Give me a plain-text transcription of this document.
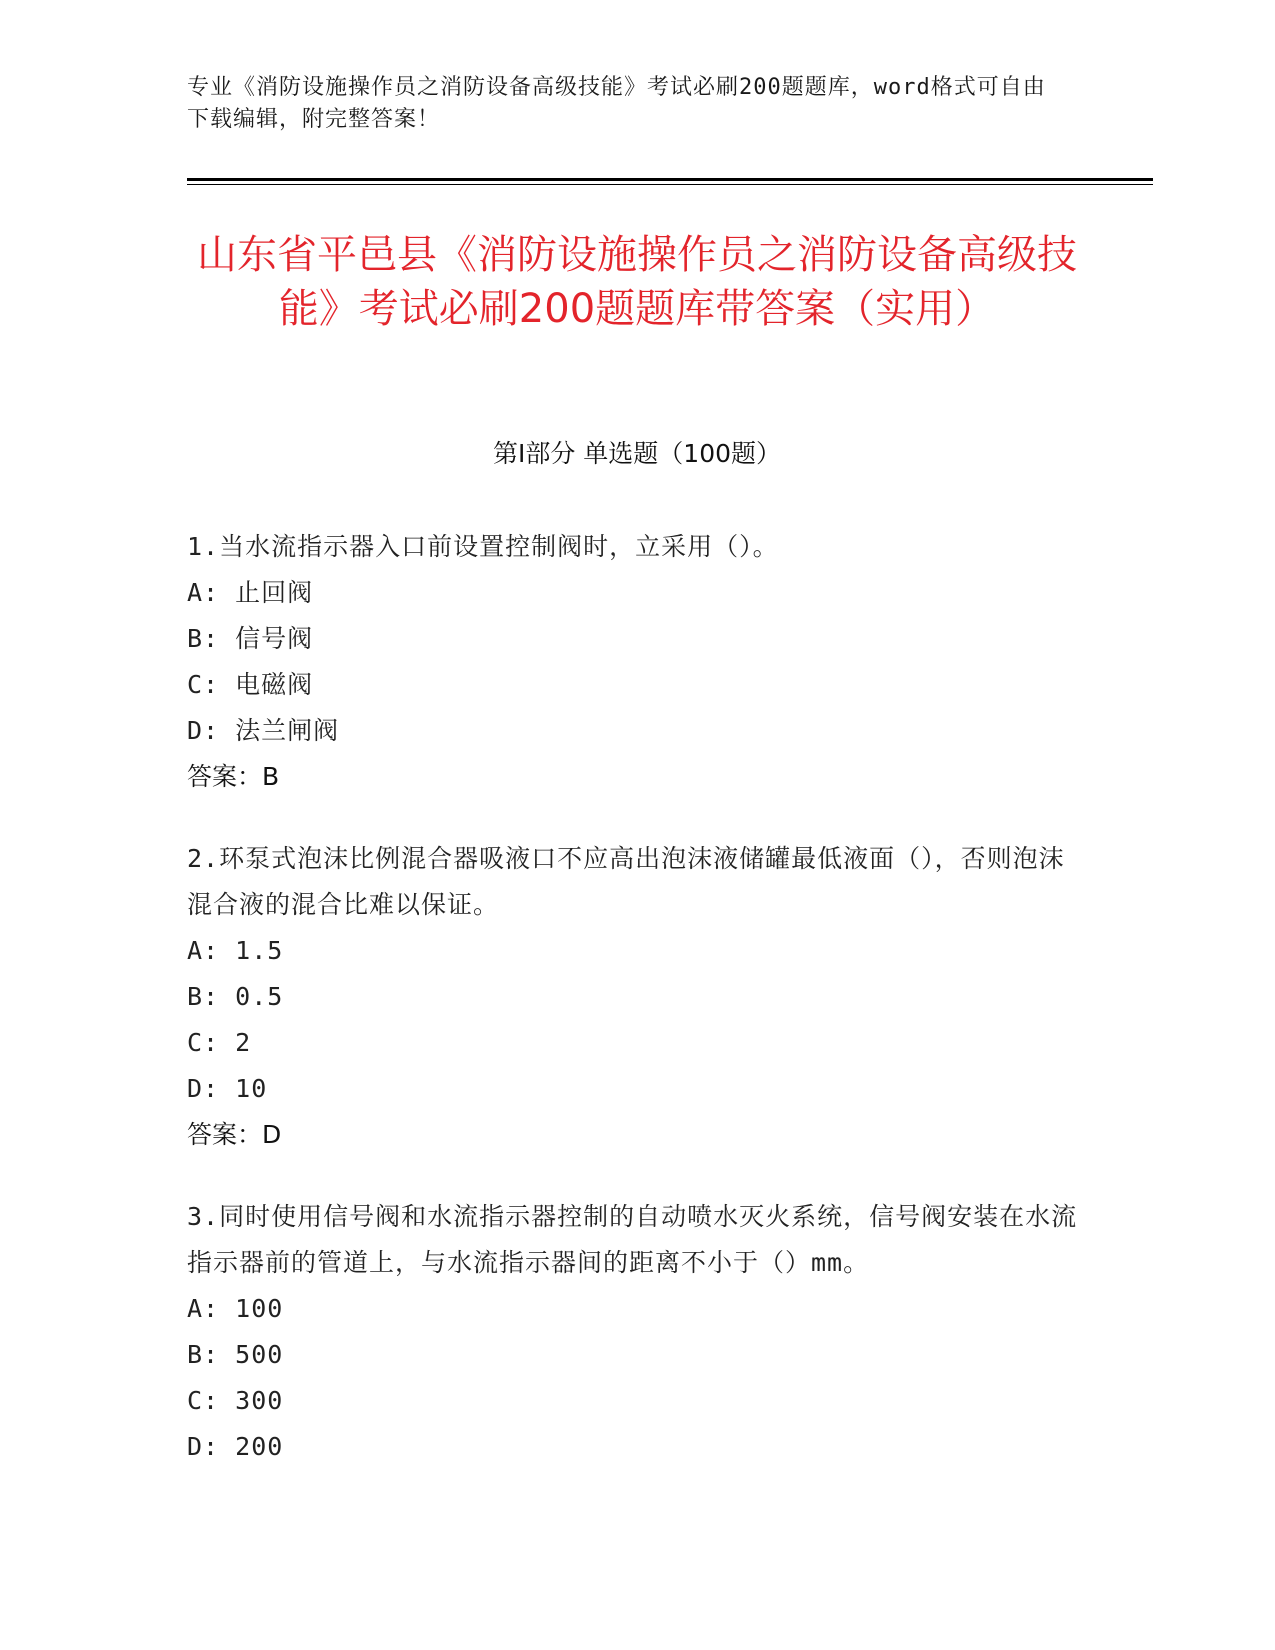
专业《消防设施操作员之消防设备高级技能》考试必刷200题题库，word格式可自由下载编辑，附完整答案！
山东省平邑县《消防设施操作员之消防设备高级技能》考试必刷200题题库带答案（实用）
第Ⅰ部分 单选题（100题）

1.当水流指示器入口前设置控制阀时，立采用（）。

A: 止回阀

B: 信号阀

C: 电磁阀

D: 法兰闸阀

答案：B

2.环泵式泡沫比例混合器吸液口不应高出泡沫液储罐最低液面（），否则泡沫混合液的混合比难以保证。

A: 1.5

B: 0.5

C: 2

D: 10

答案：D

3.同时使用信号阀和水流指示器控制的自动喷水灭火系统，信号阀安装在水流指示器前的管道上，与水流指示器间的距离不小于（）mm。

A: 100

B: 500

C: 300

D: 200
